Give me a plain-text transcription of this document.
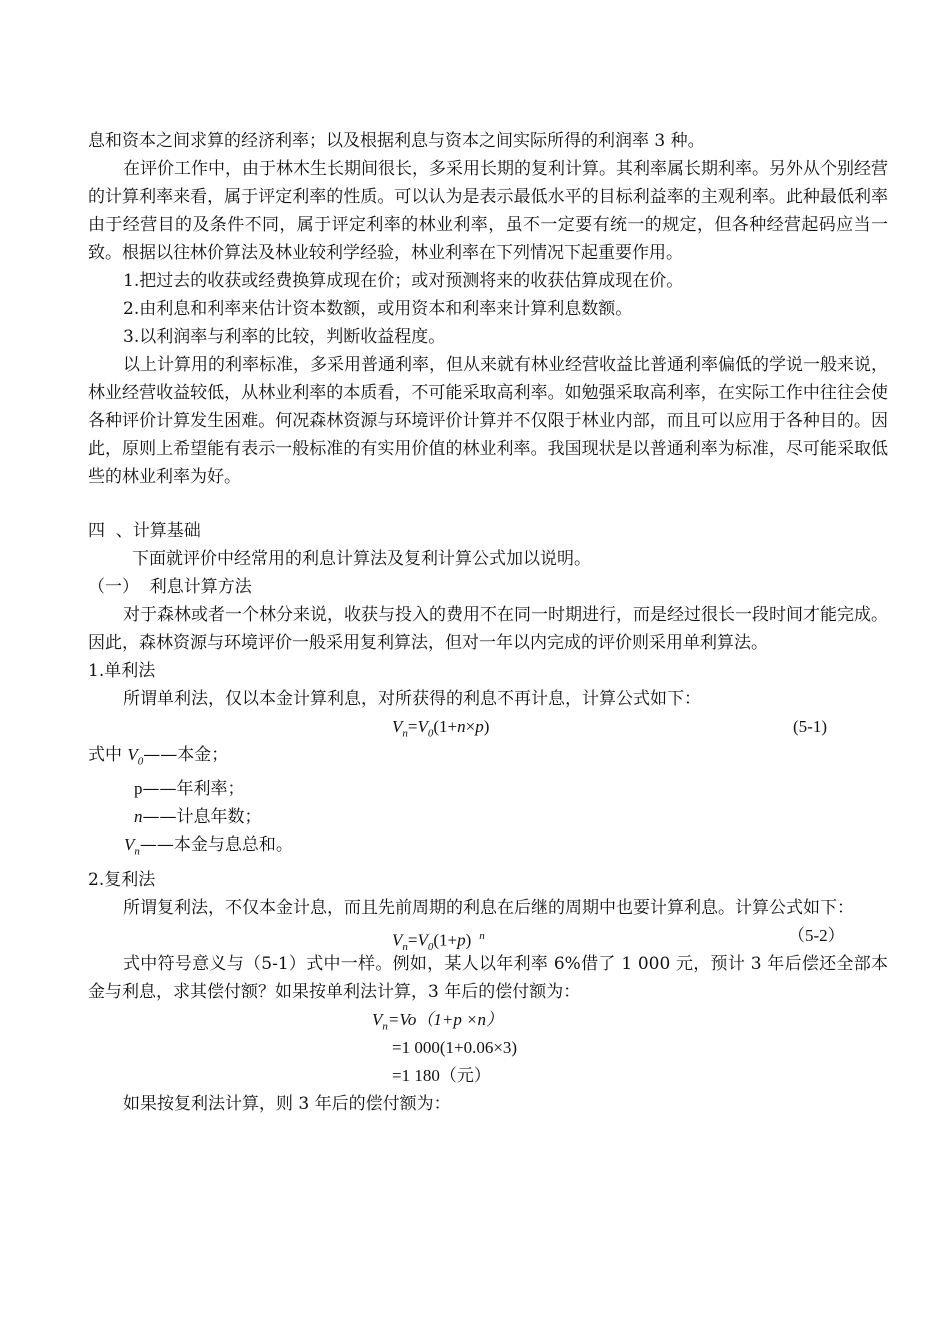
息和资本之间求算的经济利率；以及根据利息与资本之间实际所得的利润率 3 种。

在评价工作中，由于林木生长期间很长，多采用长期的复利计算。其利率属长期利率。另外从个别经营的计算利率来看，属于评定利率的性质。可以认为是表示最低水平的目标利益率的主观利率。此种最低利率由于经营目的及条件不同，属于评定利率的林业利率，虽不一定要有统一的规定，但各种经营起码应当一致。根据以往林价算法及林业较利学经验，林业利率在下列情况下起重要作用。

1.把过去的收获或经费换算成现在价；或对预测将来的收获估算成现在价。

2.由利息和利率来估计资本数额，或用资本和利率来计算利息数额。

3.以利润率与利率的比较，判断收益程度。

以上计算用的利率标准，多采用普通利率，但从来就有林业经营收益比普通利率偏低的学说一般来说，林业经营收益较低，从林业利率的本质看，不可能采取高利率。如勉强采取高利率，在实际工作中往往会使各种评价计算发生困难。何况森林资源与环境评价计算并不仅限于林业内部，而且可以应用于各种目的。因此，原则上希望能有表示一般标准的有实用价值的林业利率。我国现状是以普通利率为标准，尽可能采取低些的林业利率为好。

四  、计算基础

下面就评价中经常用的利息计算法及复利计算公式加以说明。

（一）  利息计算方法

对于森林或者一个林分来说，收获与投入的费用不在同一时期进行，而是经过很长一段时间才能完成。因此，森林资源与环境评价一般采用复利算法，但对一年以内完成的评价则采用单利算法。

1.单利法

所谓单利法，仅以本金计算利息，对所获得的利息不再计息，计算公式如下：

$V_n=V_0(1+n\times p)$	(5-1)

式中 $V_0——$本金；

p——年利率；

n——计息年数；

$V_n——$本金与息总和。

2.复利法

所谓复利法，不仅本金计息，而且先前周期的利息在后继的周期中也要计算利息。计算公式如下：

$V_n=V_0(1+p)$ $^n$	（5-2）

式中符号意义与（5-1）式中一样。例如，某人以年利率 6%借了 1 000 元，预计 3 年后偿还全部本金与利息，求其偿付额？如果按单利法计算，3 年后的偿付额为：

$V_n=Vo(1+p \times n)$
=1 000(1+0.06×3)
=1 180（元）

如果按复利法计算，则 3 年后的偿付额为：
